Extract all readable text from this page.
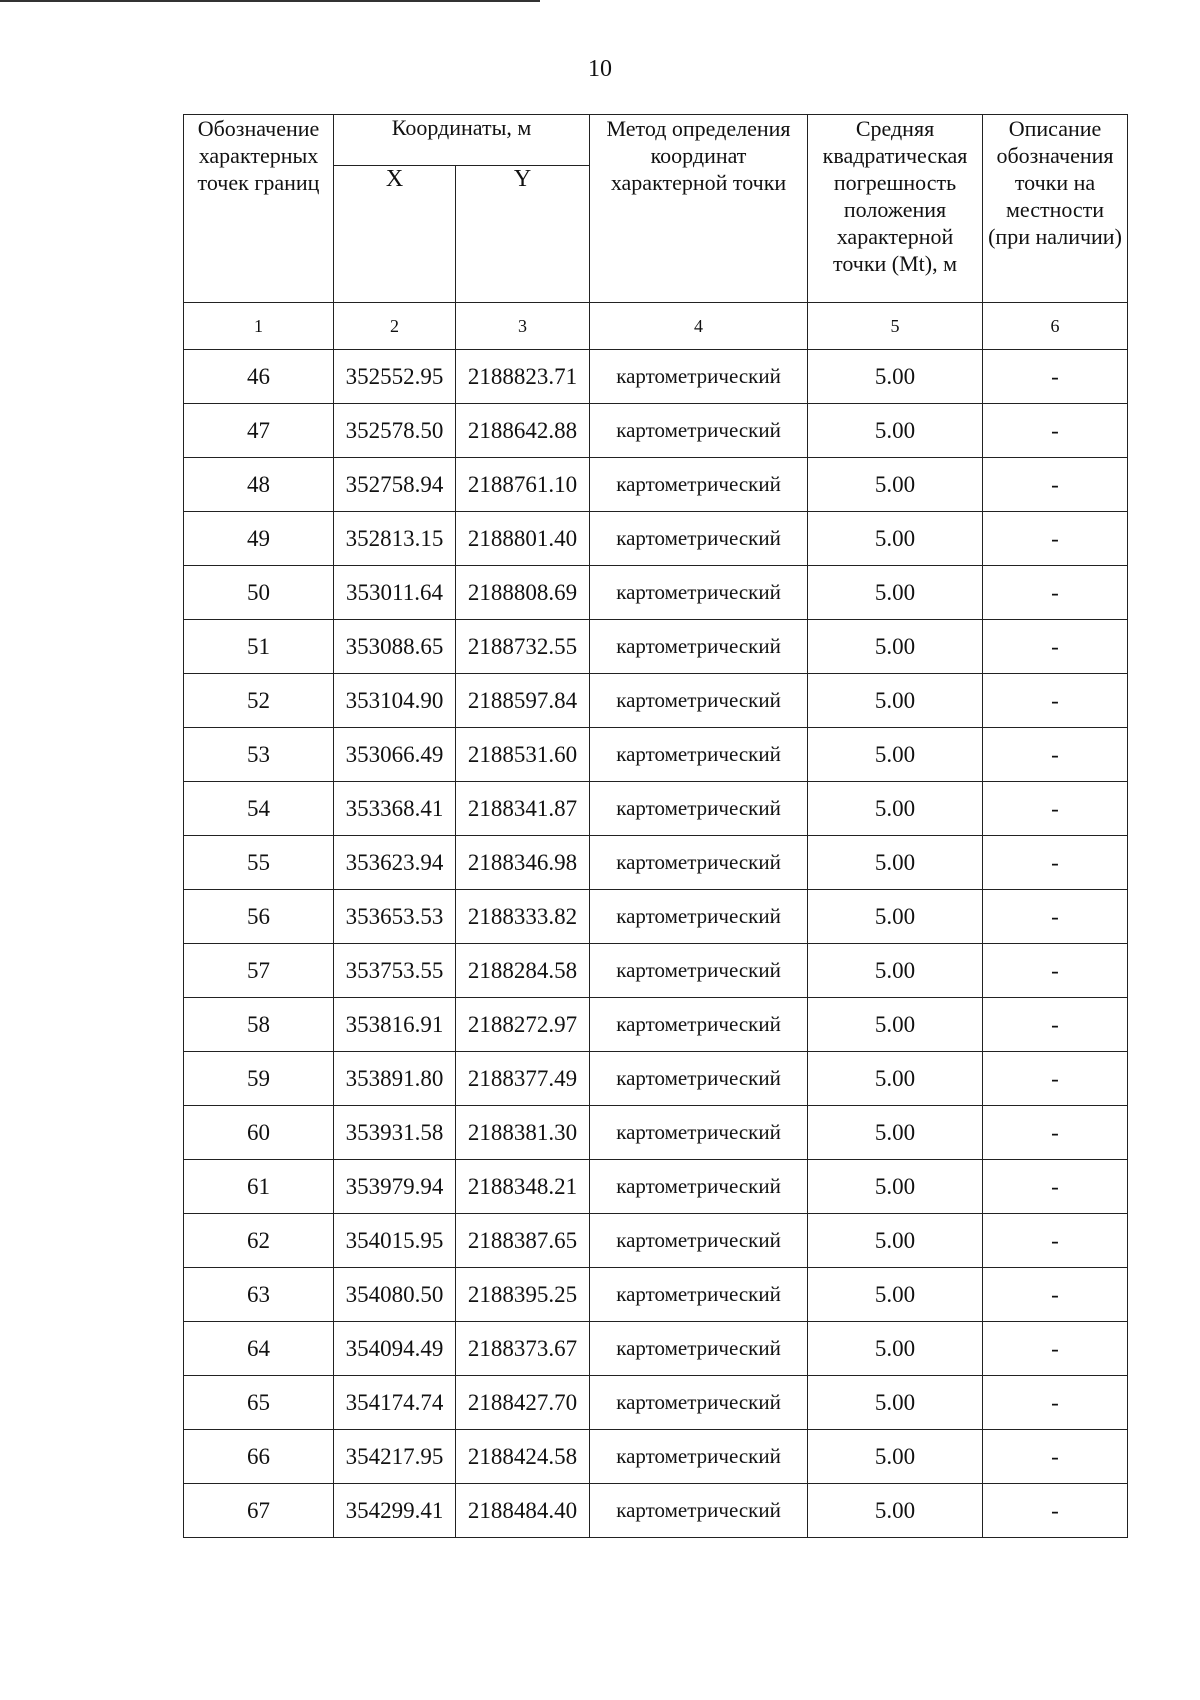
10
Обозначение характерных точек границ	Координаты, м		Метод определения координат характерной точки	Средняя квадратическая погрешность положения характерной точки (Mt), м	Описание обозначения точки на местности (при наличии)
	X	Y			
1	2	3	4	5	6
46	352552.95	2188823.71	картометрический	5.00	-
47	352578.50	2188642.88	картометрический	5.00	-
48	352758.94	2188761.10	картометрический	5.00	-
49	352813.15	2188801.40	картометрический	5.00	-
50	353011.64	2188808.69	картометрический	5.00	-
51	353088.65	2188732.55	картометрический	5.00	-
52	353104.90	2188597.84	картометрический	5.00	-
53	353066.49	2188531.60	картометрический	5.00	-
54	353368.41	2188341.87	картометрический	5.00	-
55	353623.94	2188346.98	картометрический	5.00	-
56	353653.53	2188333.82	картометрический	5.00	-
57	353753.55	2188284.58	картометрический	5.00	-
58	353816.91	2188272.97	картометрический	5.00	-
59	353891.80	2188377.49	картометрический	5.00	-
60	353931.58	2188381.30	картометрический	5.00	-
61	353979.94	2188348.21	картометрический	5.00	-
62	354015.95	2188387.65	картометрический	5.00	-
63	354080.50	2188395.25	картометрический	5.00	-
64	354094.49	2188373.67	картометрический	5.00	-
65	354174.74	2188427.70	картометрический	5.00	-
66	354217.95	2188424.58	картометрический	5.00	-
67	354299.41	2188484.40	картометрический	5.00	-
